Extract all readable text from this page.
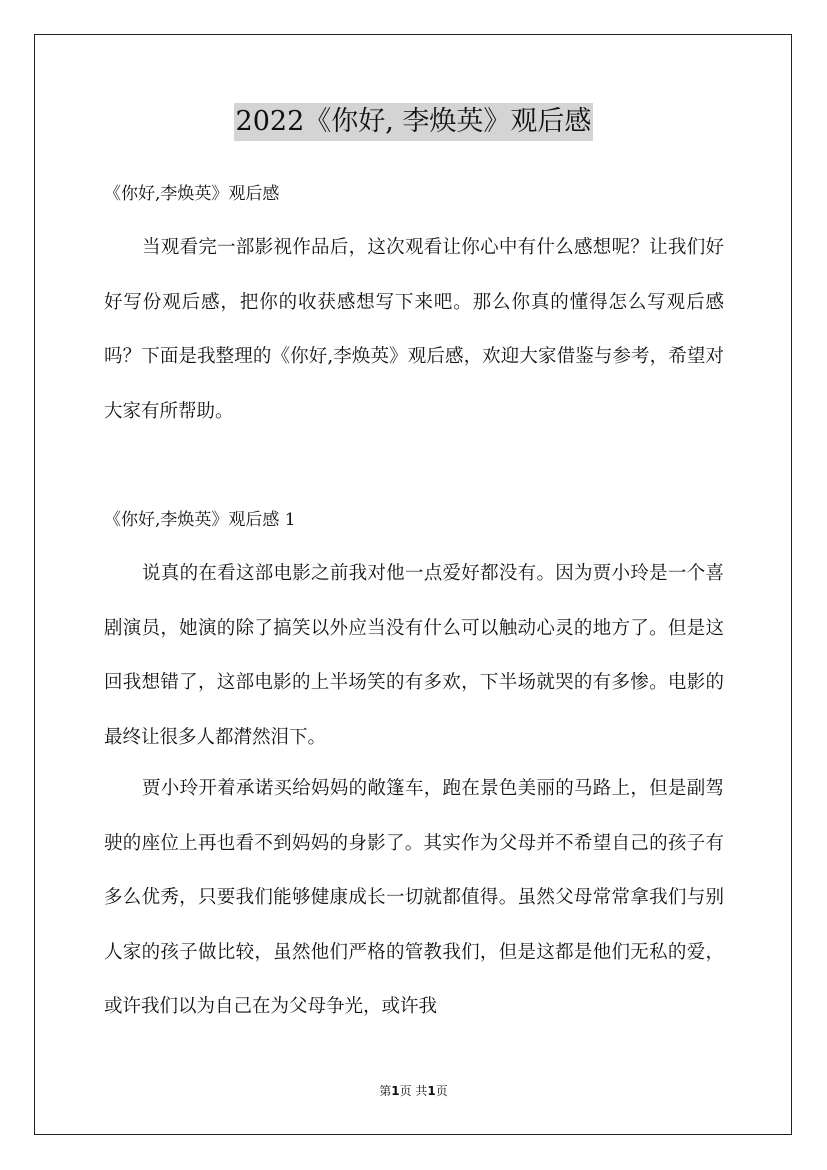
2022《你好, 李焕英》观后感
《你好,李焕英》观后感

当观看完一部影视作品后，这次观看让你心中有什么感想呢？让我们好好写份观后感，把你的收获感想写下来吧。那么你真的懂得怎么写观后感吗？下面是我整理的《你好,李焕英》观后感，欢迎大家借鉴与参考，希望对大家有所帮助。

《你好,李焕英》观后感 1

说真的在看这部电影之前我对他一点爱好都没有。因为贾小玲是一个喜剧演员，她演的除了搞笑以外应当没有什么可以触动心灵的地方了。但是这回我想错了，这部电影的上半场笑的有多欢，下半场就哭的有多惨。电影的最终让很多人都潸然泪下。

贾小玲开着承诺买给妈妈的敞篷车，跑在景色美丽的马路上，但是副驾驶的座位上再也看不到妈妈的身影了。其实作为父母并不希望自己的孩子有多么优秀，只要我们能够健康成长一切就都值得。虽然父母常常拿我们与别人家的孩子做比较，虽然他们严格的管教我们，但是这都是他们无私的爱，或许我们以为自己在为父母争光，或许我

第1页 共1页
